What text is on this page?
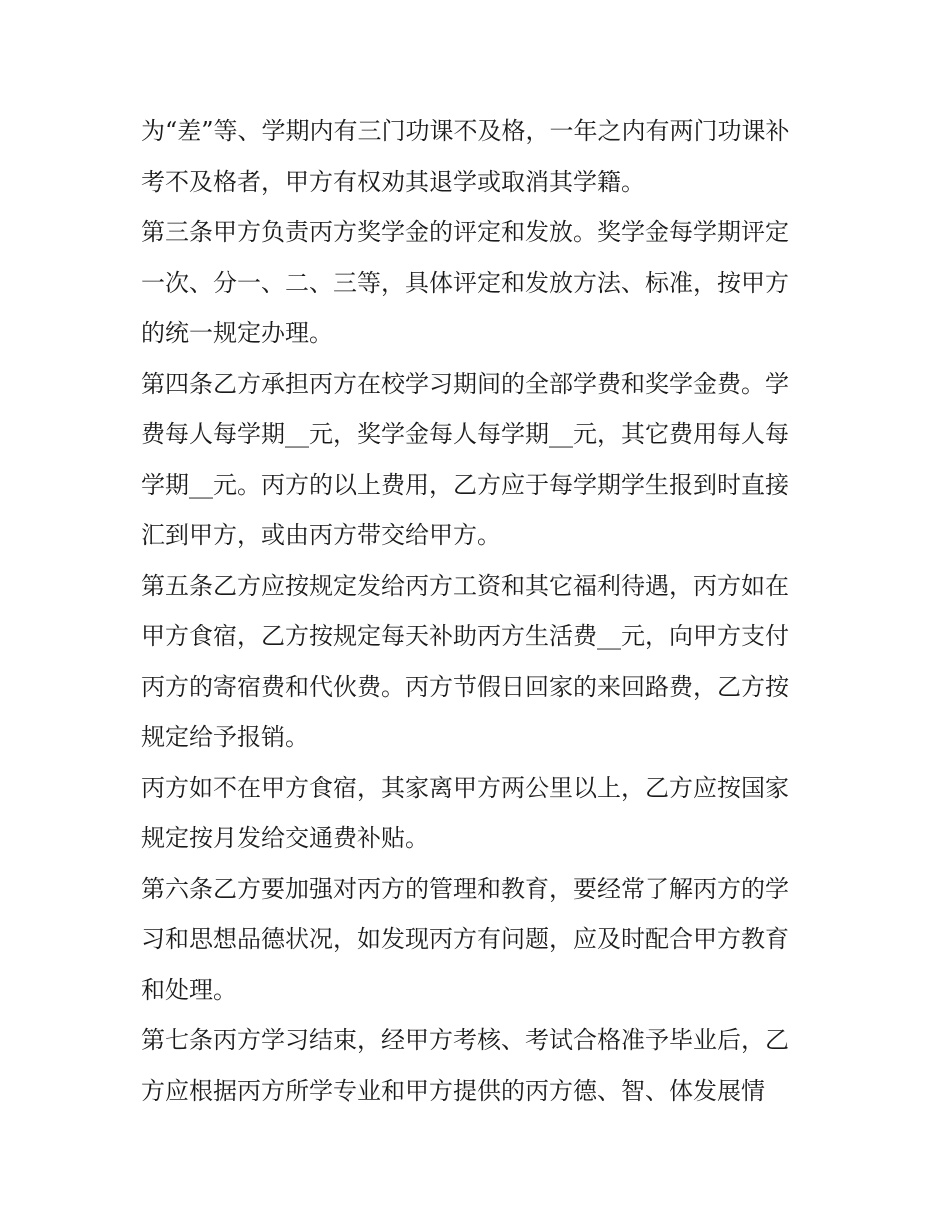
为“差”等、学期内有三门功课不及格，一年之内有两门功课补
考不及格者，甲方有权劝其退学或取消其学籍。

第三条甲方负责丙方奖学金的评定和发放。奖学金每学期评定
一次、分一、二、三等，具体评定和发放方法、标准，按甲方
的统一规定办理。

第四条乙方承担丙方在校学习期间的全部学费和奖学金费。学
费每人每学期__元，奖学金每人每学期__元，其它费用每人每
学期__元。丙方的以上费用，乙方应于每学期学生报到时直接
汇到甲方，或由丙方带交给甲方。

第五条乙方应按规定发给丙方工资和其它福利待遇，丙方如在
甲方食宿，乙方按规定每天补助丙方生活费__元，向甲方支付
丙方的寄宿费和代伙费。丙方节假日回家的来回路费，乙方按
规定给予报销。

丙方如不在甲方食宿，其家离甲方两公里以上，乙方应按国家
规定按月发给交通费补贴。

第六条乙方要加强对丙方的管理和教育，要经常了解丙方的学
习和思想品德状况，如发现丙方有问题，应及时配合甲方教育
和处理。

第七条丙方学习结束，经甲方考核、考试合格准予毕业后，乙
方应根据丙方所学专业和甲方提供的丙方德、智、体发展情
